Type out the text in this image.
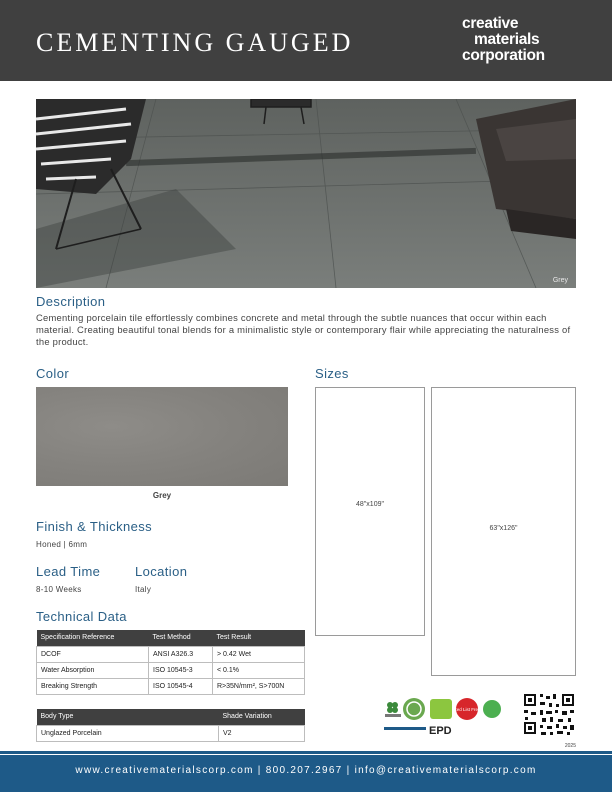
CEMENTING GAUGED
creative
materials
corporation
Grey
Description
Cementing porcelain tile effortlessly combines concrete and metal through the subtle nuances that occur within each material. Creating beautiful tonal blends for a minimalistic style or contemporary flair while appreciating the naturalness of the product.
Color
Grey
Finish & Thickness
Honed | 6mm
Lead Time
8-10 Weeks
Location
Italy
Technical Data
Specification Reference	Test Method	Test Result
DCOF	ANSI A326.3	> 0.42 Wet
Water Absorption	ISO 10545-3	< 0.1%
Breaking Strength	ISO 10545-4	R>35N/mm², S>700N
Body Type	Shade Variation
Unglazed Porcelain	V2
Sizes
48"x109"
63"x126"
Red List Free
EPD
2025
www.creativematerialscorp.com | 800.207.2967 | info@creativematerialscorp.com
